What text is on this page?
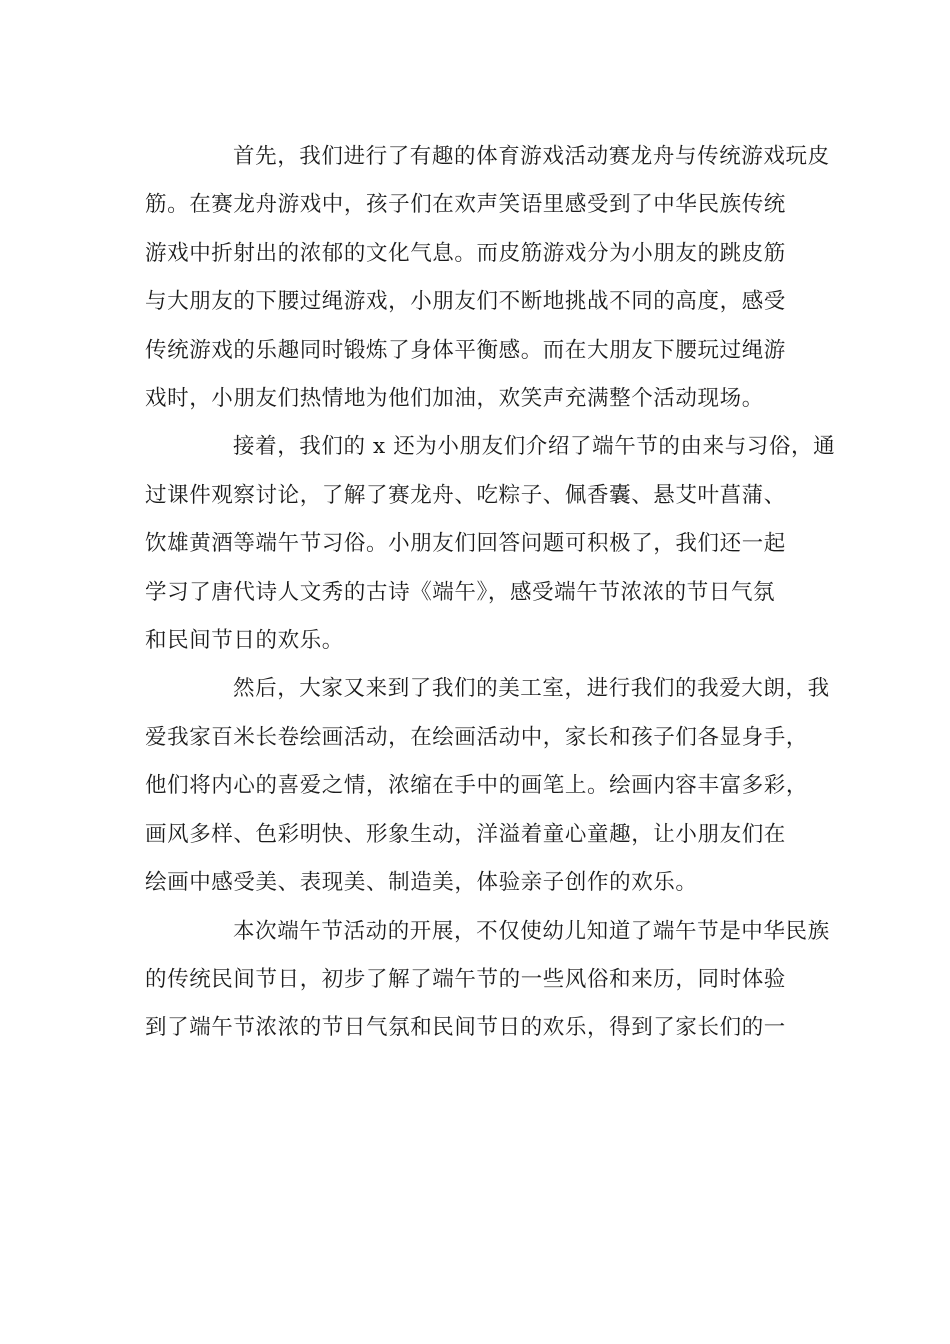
首先，我们进行了有趣的体育游戏活动赛龙舟与传统游戏玩皮
筋。在赛龙舟游戏中，孩子们在欢声笑语里感受到了中华民族传统
游戏中折射出的浓郁的文化气息。而皮筋游戏分为小朋友的跳皮筋
与大朋友的下腰过绳游戏，小朋友们不断地挑战不同的高度，感受
传统游戏的乐趣同时锻炼了身体平衡感。而在大朋友下腰玩过绳游
戏时，小朋友们热情地为他们加油，欢笑声充满整个活动现场。
接着，我们的 x 还为小朋友们介绍了端午节的由来与习俗，通
过课件观察讨论，了解了赛龙舟、吃粽子、佩香囊、悬艾叶菖蒲、
饮雄黄酒等端午节习俗。小朋友们回答问题可积极了，我们还一起
学习了唐代诗人文秀的古诗《端午》，感受端午节浓浓的节日气氛
和民间节日的欢乐。
然后，大家又来到了我们的美工室，进行我们的我爱大朗，我
爱我家百米长卷绘画活动，在绘画活动中，家长和孩子们各显身手，
他们将内心的喜爱之情，浓缩在手中的画笔上。绘画内容丰富多彩，
画风多样、色彩明快、形象生动，洋溢着童心童趣，让小朋友们在
绘画中感受美、表现美、制造美，体验亲子创作的欢乐。
本次端午节活动的开展，不仅使幼儿知道了端午节是中华民族
的传统民间节日，初步了解了端午节的一些风俗和来历，同时体验
到了端午节浓浓的节日气氛和民间节日的欢乐，得到了家长们的一
